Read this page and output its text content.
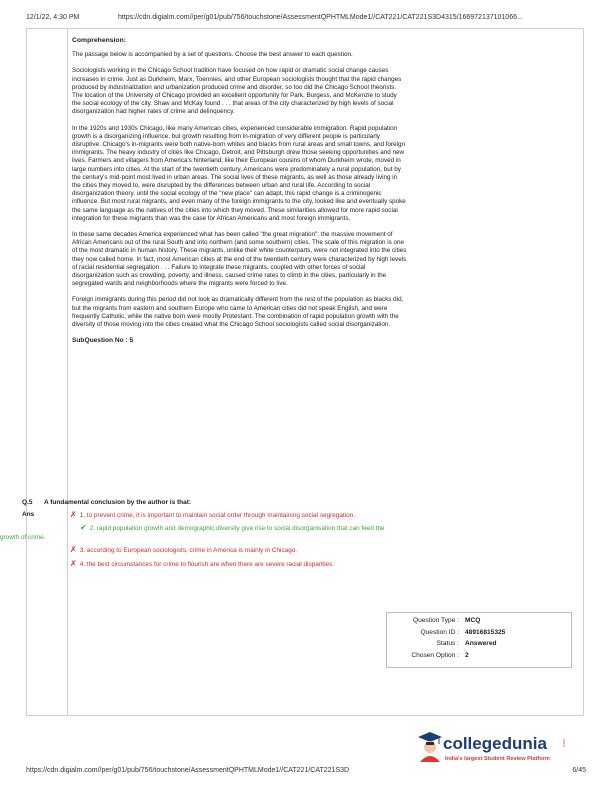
12/1/22, 4:30 PM	https://cdn.digialm.com//per/g01/pub/756/touchstone/AssessmentQPHTMLMode1//CAT221/CAT221S3D4315/166972137101066...
Comprehension:

The passage below is accompanied by a set of questions. Choose the best answer to each question.

Sociologists working in the Chicago School tradition have focused on how rapid or dramatic social change causes increases in crime. Just as Durkheim, Marx, Toennies, and other European sociologists thought that the rapid changes produced by industrialization and urbanization produced crime and disorder, so too did the Chicago School theorists. The location of the University of Chicago provided an excellent opportunity for Park, Burgess, and McKenzie to study the social ecology of the city. Shaw and McKay found . . . that areas of the city characterized by high levels of social disorganization had higher rates of crime and delinquency.

In the 1920s and 1930s Chicago, like many American cities, experienced considerable immigration. Rapid population growth is a disorganizing influence, but growth resulting from in-migration of very different people is particularly disruptive. Chicago's in-migrants were both native-born whites and blacks from rural areas and small towns, and foreign immigrants. The heavy industry of cities like Chicago, Detroit, and Pittsburgh drew those seeking opportunities and new lives. Farmers and villagers from America's hinterland, like their European cousins of whom Durkheim wrote, moved in large numbers into cities. At the start of the twentieth century, Americans were predominately a rural population, but by the century's mid-point most lived in urban areas. The social lives of these migrants, as well as those already living in the cities they moved to, were disrupted by the differences between urban and rural life. According to social disorganization theory, until the social ecology of the "new place" can adapt, this rapid change is a criminogenic influence. But most rural migrants, and even many of the foreign immigrants to the city, looked like and eventually spoke the same language as the natives of the cities into which they moved. These similarities allowed for more rapid social integration for these migrants than was the case for African Americans and most foreign immigrants.

In these same decades America experienced what has been called "the great migration": the massive movement of African Americans out of the rural South and into northern (and some southern) cities. The scale of this migration is one of the most dramatic in human history. These migrants, unlike their white counterparts, were not integrated into the cities they now called home. In fact, most American cities at the end of the twentieth century were characterized by high levels of racial residential segregation . . . Failure to integrate these migrants, coupled with other forces of social disorganization such as crowding, poverty, and illness, caused crime rates to climb in the cities, particularly in the segregated wards and neighborhoods where the migrants were forced to live.

Foreign immigrants during this period did not look as dramatically different from the rest of the population as blacks did, but the migrants from eastern and southern Europe who came to American cities did not speak English, and were frequently Catholic, while the native born were mostly Protestant. The combination of rapid population growth with the diversity of those moving into the cities created what the Chicago School sociologists called social disorganization.

SubQuestion No : 5
Q.5 A fundamental conclusion by the author is that:
Ans	✗ 1. to prevent crime, it is important to maintain social order through maintaining social segregation.
✔ 2. rapid population growth and demographic diversity give rise to social disorganisation that can feed the growth of crime.
✗ 3. according to European sociologists, crime in America is mainly in Chicago.
✗ 4. the best circumstances for crime to flourish are when there are severe racial disparities.
Question Type : MCQ
Question ID : 48916815325
Status : Answered
Chosen Option : 2
collegedunia	.com
India's largest Student Review Platform
https://cdn.digialm.com//per/g01/pub/756/touchstone/AssessmentQPHTMLMode1//CAT221/CAT221S3D	6/45
